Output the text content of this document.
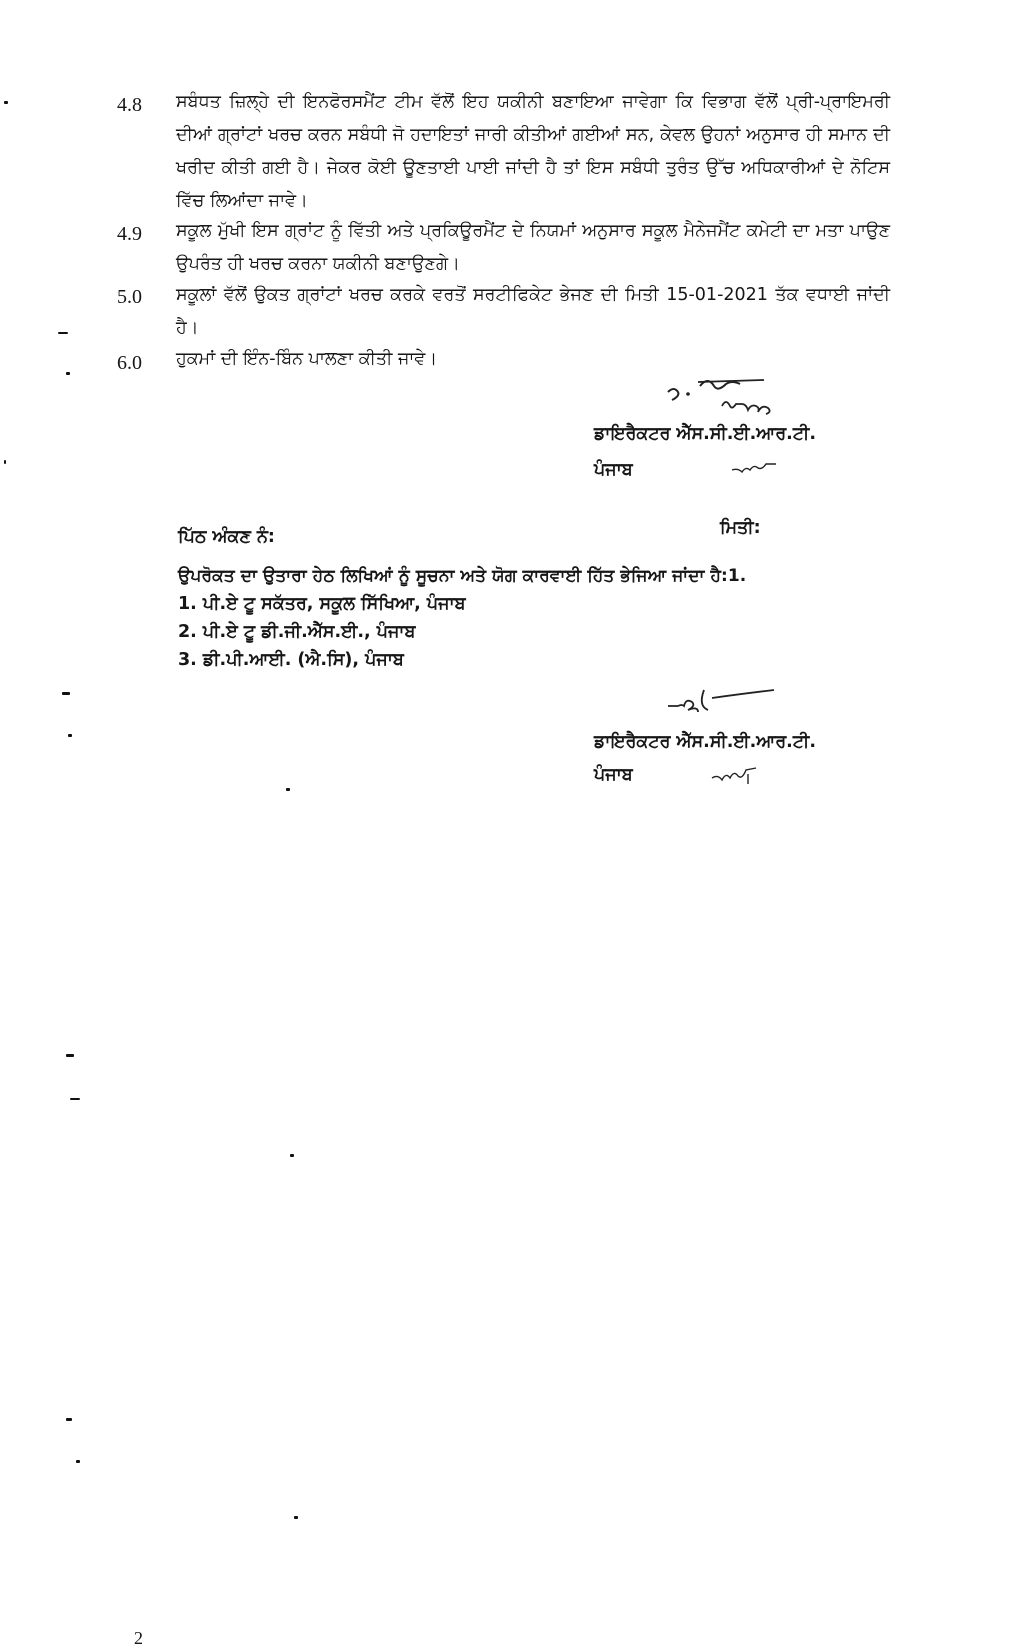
4.8 ਸਬੰਧਤ ਜ਼ਿਲ੍ਹੇ ਦੀ ਇਨਫੋਰਸਮੈਂਟ ਟੀਮ ਵੱਲੋਂ ਇਹ ਯਕੀਨੀ ਬਣਾਇਆ ਜਾਵੇਗਾ ਕਿ ਵਿਭਾਗ ਵੱਲੋਂ ਪ੍ਰੀ-ਪ੍ਰਾਇਮਰੀ ਦੀਆਂ ਗ੍ਰਾਂਟਾਂ ਖਰਚ ਕਰਨ ਸਬੰਧੀ ਜੋ ਹਦਾਇਤਾਂ ਜਾਰੀ ਕੀਤੀਆਂ ਗਈਆਂ ਸਨ, ਕੇਵਲ ਉਹਨਾਂ ਅਨੁਸਾਰ ਹੀ ਸਮਾਨ ਦੀ ਖਰੀਦ ਕੀਤੀ ਗਈ ਹੈ। ਜੇਕਰ ਕੋਈ ਊਣਤਾਈ ਪਾਈ ਜਾਂਦੀ ਹੈ ਤਾਂ ਇਸ ਸਬੰਧੀ ਤੁਰੰਤ ਉੱਚ ਅਧਿਕਾਰੀਆਂ ਦੇ ਨੋਟਿਸ ਵਿੱਚ ਲਿਆਂਦਾ ਜਾਵੇ।
4.9 ਸਕੂਲ ਮੁੱਖੀ ਇਸ ਗ੍ਰਾਂਟ ਨੂੰ ਵਿੱਤੀ ਅਤੇ ਪ੍ਰਕਿਊਰਮੈਂਟ ਦੇ ਨਿਯਮਾਂ ਅਨੁਸਾਰ ਸਕੂਲ ਮੈਨੇਜਮੈਂਟ ਕਮੇਟੀ ਦਾ ਮਤਾ ਪਾਉਣ ਉਪਰੰਤ ਹੀ ਖਰਚ ਕਰਨਾ ਯਕੀਨੀ ਬਣਾਉਣਗੇ।
5.0 ਸਕੂਲਾਂ ਵੱਲੋਂ ਉਕਤ ਗ੍ਰਾਂਟਾਂ ਖਰਚ ਕਰਕੇ ਵਰਤੋਂ ਸਰਟੀਫਿਕੇਟ ਭੇਜਣ ਦੀ ਮਿਤੀ 15-01-2021 ਤੱਕ ਵਧਾਈ ਜਾਂਦੀ ਹੈ।
6.0 ਹੁਕਮਾਂ ਦੀ ਇੰਨ-ਬਿੰਨ ਪਾਲਣਾ ਕੀਤੀ ਜਾਵੇ।
ਡਾਇਰੈਕਟਰ ਐੱਸ.ਸੀ.ਈ.ਆਰ.ਟੀ.
ਪੰਜਾਬ
ਪਿੱਠ ਅੰਕਣ ਨੰ:	ਮਿਤੀ:
ਉਪਰੋਕਤ ਦਾ ਉਤਾਰਾ ਹੇਠ ਲਿਖਿਆਂ ਨੂੰ ਸੂਚਨਾ ਅਤੇ ਯੋਗ ਕਾਰਵਾਈ ਹਿੱਤ ਭੇਜਿਆ ਜਾਂਦਾ ਹੈ:1.
1. ਪੀ.ਏ ਟੂ ਸਕੱਤਰ, ਸਕੂਲ ਸਿੱਖਿਆ, ਪੰਜਾਬ
2. ਪੀ.ਏ ਟੂ ਡੀ.ਜੀ.ਐੱਸ.ਈ., ਪੰਜਾਬ
3. ਡੀ.ਪੀ.ਆਈ. (ਐ.ਸਿ), ਪੰਜਾਬ
ਡਾਇਰੈਕਟਰ ਐੱਸ.ਸੀ.ਈ.ਆਰ.ਟੀ.
ਪੰਜਾਬ
2
